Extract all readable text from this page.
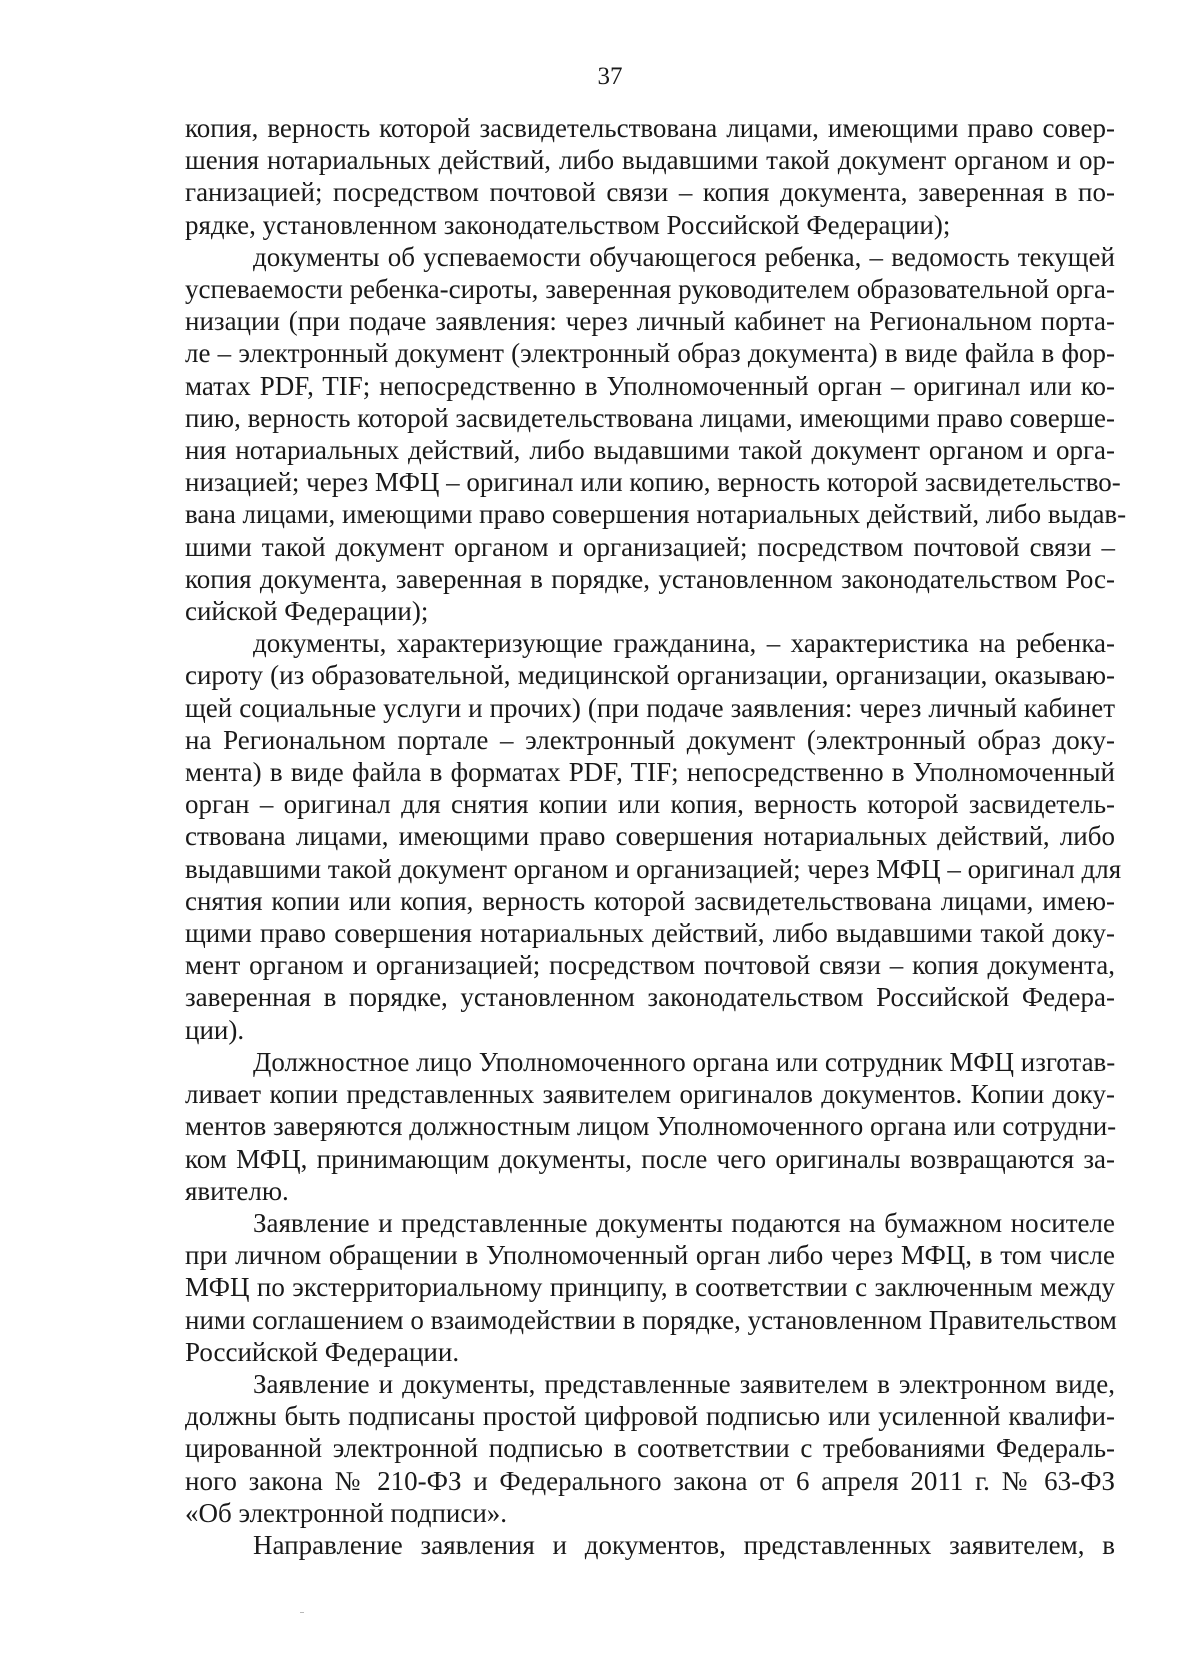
37

копия, верность которой засвидетельствована лицами, имеющими право совер-
шения нотариальных действий, либо выдавшими такой документ органом и ор-
ганизацией; посредством почтовой связи – копия документа, заверенная в по-
рядке, установленном законодательством Российской Федерации);

документы об успеваемости обучающегося ребенка, – ведомость текущей
успеваемости ребенка-сироты, заверенная руководителем образовательной орга-
низации (при подаче заявления: через личный кабинет на Региональном порта-
ле – электронный документ (электронный образ документа) в виде файла в фор-
матах PDF, TIF; непосредственно в Уполномоченный орган – оригинал или ко-
пию, верность которой засвидетельствована лицами, имеющими право соверше-
ния нотариальных действий, либо выдавшими такой документ органом и орга-
низацией; через МФЦ – оригинал или копию, верность которой засвидетельство-
вана лицами, имеющими право совершения нотариальных действий, либо выдав-
шими такой документ органом и организацией; посредством почтовой связи –
копия документа, заверенная в порядке, установленном законодательством Рос-
сийской Федерации);

документы, характеризующие гражданина, – характеристика на ребенка-
сироту (из образовательной, медицинской организации, организации, оказываю-
щей социальные услуги и прочих) (при подаче заявления: через личный кабинет
на Региональном портале – электронный документ (электронный образ доку-
мента) в виде файла в форматах PDF, TIF; непосредственно в Уполномоченный
орган – оригинал для снятия копии или копия, верность которой засвидетель-
ствована лицами, имеющими право совершения нотариальных действий, либо
выдавшими такой документ органом и организацией; через МФЦ – оригинал для
снятия копии или копия, верность которой засвидетельствована лицами, имею-
щими право совершения нотариальных действий, либо выдавшими такой доку-
мент органом и организацией; посредством почтовой связи – копия документа,
заверенная в порядке, установленном законодательством Российской Федера-
ции).

Должностное лицо Уполномоченного органа или сотрудник МФЦ изготав-
ливает копии представленных заявителем оригиналов документов. Копии доку-
ментов заверяются должностным лицом Уполномоченного органа или сотрудни-
ком МФЦ, принимающим документы, после чего оригиналы возвращаются за-
явителю.

Заявление и представленные документы подаются на бумажном носителе
при личном обращении в Уполномоченный орган либо через МФЦ, в том числе
МФЦ по экстерриториальному принципу, в соответствии с заключенным между
ними соглашением о взаимодействии в порядке, установленном Правительством
Российской Федерации.

Заявление и документы, представленные заявителем в электронном виде,
должны быть подписаны простой цифровой подписью или усиленной квалифи-
цированной электронной подписью в соответствии с требованиями Федераль-
ного закона № 210-ФЗ и Федерального закона от 6 апреля 2011 г. № 63-ФЗ
«Об электронной подписи».

Направление заявления и документов, представленных заявителем, в
